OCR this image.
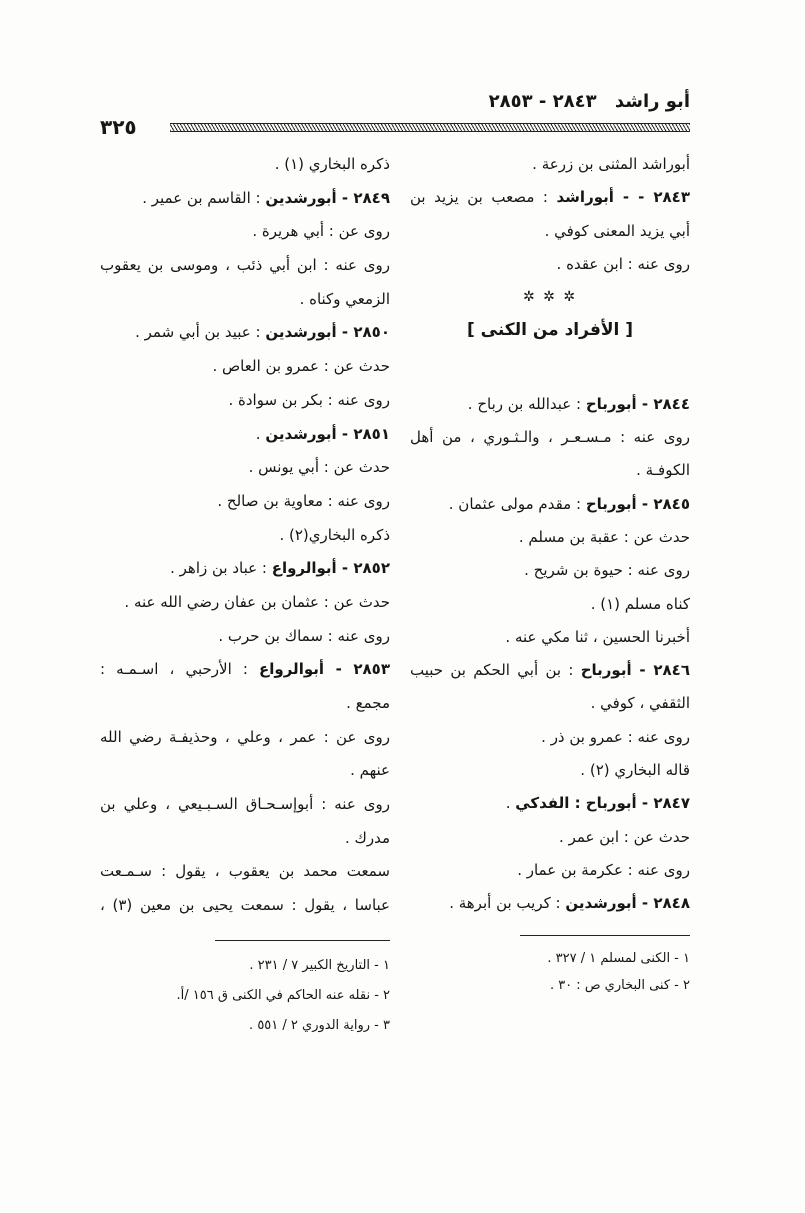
أبو راشد ٢٨٤٣ - ٢٨٥٣
٣٢٥
أبوراشد المثنى بن زرعة .
٢٨٤٣ - - أبوراشد : مصعب بن يزيد بن
أبي يزيد المعنى كوفي .
روى عنه : ابن عقده .
✲ ✲ ✲
[ الأفراد من الكنى ]
٢٨٤٤ - أبورباح : عبدالله بن رباح .
روى عنه : مـسـعـر ، والـثـوري ، من أهل
الكوفـة .
٢٨٤٥ - أبورباح : مقدم مولى عثمان .
حدث عن : عقبة بن مسلم .
روى عنه : حيوة بن شريح .
كناه مسلم (١) .
أخبرنا الحسين ، ثنا مكي عنه .
٢٨٤٦ - أبورباح : بن أبي الحكم بن حبيب
الثقفي ، كوفي .
روى عنه : عمرو بن ذر .
قاله البخاري (٢) .
٢٨٤٧ - أبورباح : الفدكي .
حدث عن : ابن عمر .
روى عنه : عكرمة بن عمار .
٢٨٤٨ - أبورشدين : كريب بن أبرهة .
ذكره البخاري (١) .
٢٨٤٩ - أبورشدين : القاسم بن عمير .
روى عن : أبي هريرة .
روى عنه : ابن أبي ذئب ، وموسى بن يعقوب
الزمعي وكناه .
٢٨٥٠ - أبورشدين : عبيد بن أبي شمر .
حدث عن : عمرو بن العاص .
روى عنه : بكر بن سوادة .
٢٨٥١ - أبورشدين .
حدث عن : أبي يونس .
روى عنه : معاوية بن صالح .
ذكره البخاري(٢) .
٢٨٥٢ - أبوالرواع : عباد بن زاهر .
حدث عن : عثمان بن عفان رضي الله عنه .
روى عنه : سماك بن حرب .
٢٨٥٣ - أبوالرواع : الأرحبي ، اسـمـه :
مجمع .
روى عن : عمر ، وعلي ، وحذيفـة رضي الله
عنهم .
روى عنه : أبوإسـحـاق السـبـيعي ، وعلي بن
مدرك .
سمعت محمد بن يعقوب ، يقول : سـمـعت
عباسا ، يقول : سمعت يحيى بن معين (٣) ،
١ - الكنى لمسلم ١ / ٣٢٧ .
٢ - كنى البخاري ص : ٣٠ .
١ - التاريخ الكبير ٧ / ٢٣١ .
٢ - نقله عنه الحاكم في الكنى ق ١٥٦ /أ.
٣ - رواية الدوري ٢ / ٥٥١ .
